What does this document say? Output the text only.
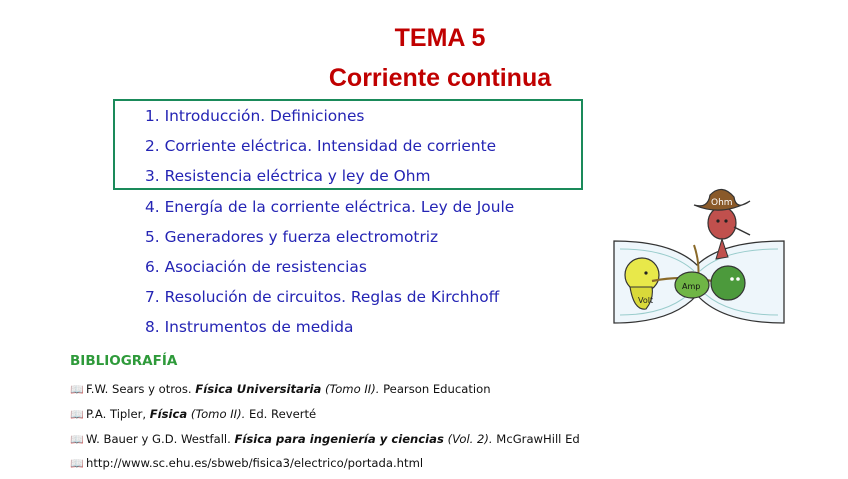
TEMA 5
Corriente continua
1. Introducción. Definiciones
2. Corriente eléctrica. Intensidad de corriente
3. Resistencia eléctrica y ley de Ohm
4. Energía de la corriente eléctrica. Ley de Joule
5. Generadores y fuerza electromotriz
6. Asociación de resistencias
7. Resolución de circuitos. Reglas de Kirchhoff
8. Instrumentos de medida
BIBLIOGRAFÍA
📖 F.W. Sears y otros. Física Universitaria (Tomo II). Pearson Education
📖 P.A. Tipler, Física (Tomo II). Ed. Reverté
📖 W. Bauer y G.D. Westfall. Física para ingeniería y ciencias (Vol. 2). McGrawHill Ed
📖 http://www.sc.ehu.es/sbweb/fisica3/electrico/portada.html
Volt
Amp
Ohm
